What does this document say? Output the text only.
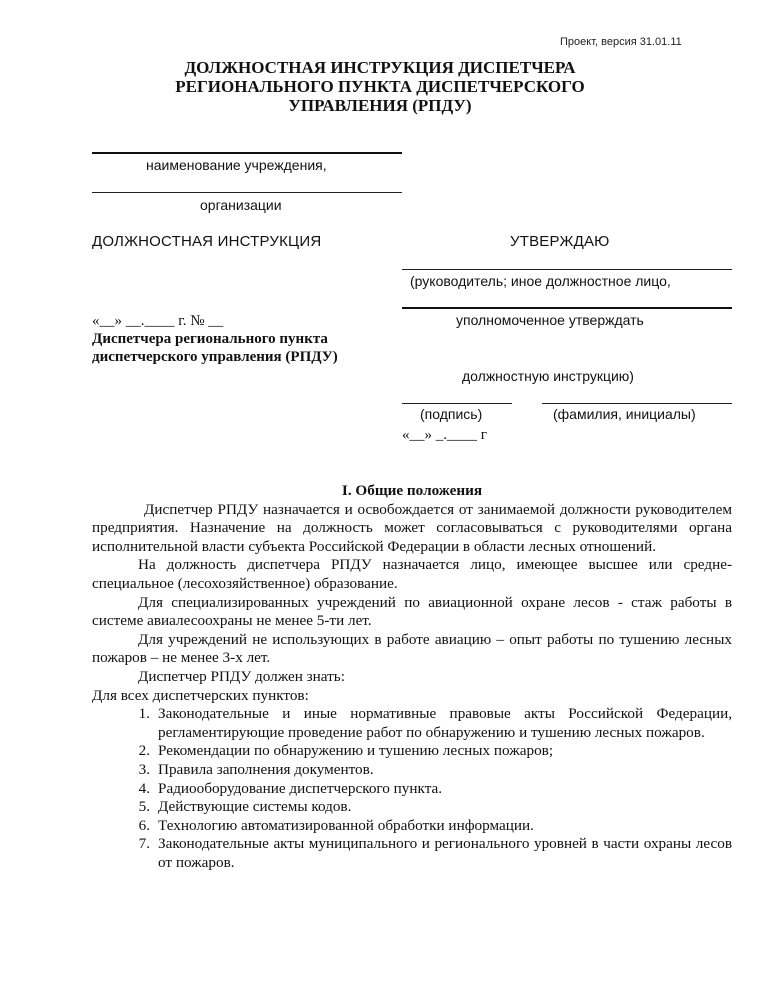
Проект, версия 31.01.11
ДОЛЖНОСТНАЯ ИНСТРУКЦИЯ ДИСПЕТЧЕРА
РЕГИОНАЛЬНОГО ПУНКТА ДИСПЕТЧЕРСКОГО
УПРАВЛЕНИЯ (РПДУ)
наименование учреждения,
организации
ДОЛЖНОСТНАЯ ИНСТРУКЦИЯ	УТВЕРЖДАЮ
(руководитель; иное должностное лицо,
уполномоченное утверждать
«__» __.____ г. № __
Диспетчера регионального пункта
диспетчерского управления (РПДУ)
должностную инструкцию)
(подпись)	(фамилия, инициалы)
«__» _.____ г

I. Общие положения

Диспетчер РПДУ назначается и освобождается от занимаемой должности руководителем предприятия. Назначение на должность может согласовываться с руководителями органа исполнительной власти субъекта Российской Федерации в области лесных отношений.

На должность диспетчера РПДУ назначается лицо, имеющее высшее или средне-специальное (лесохозяйственное) образование.

Для специализированных учреждений по авиационной охране лесов - стаж работы в системе авиалесоохраны не менее 5-ти лет.

Для учреждений не использующих в работе авиацию – опыт работы по тушению лесных пожаров – не менее 3-х лет.

Диспетчер РПДУ должен знать:

Для всех диспетчерских пунктов:

1. Законодательные и иные нормативные правовые акты Российской Федерации, регламентирующие проведение работ по обнаружению и тушению лесных пожаров.
2. Рекомендации по обнаружению и тушению лесных пожаров;
3. Правила заполнения документов.
4. Радиооборудование диспетчерского пункта.
5. Действующие системы кодов.
6. Технологию автоматизированной обработки информации.
7. Законодательные акты муниципального и регионального уровней в части охраны лесов от пожаров.
